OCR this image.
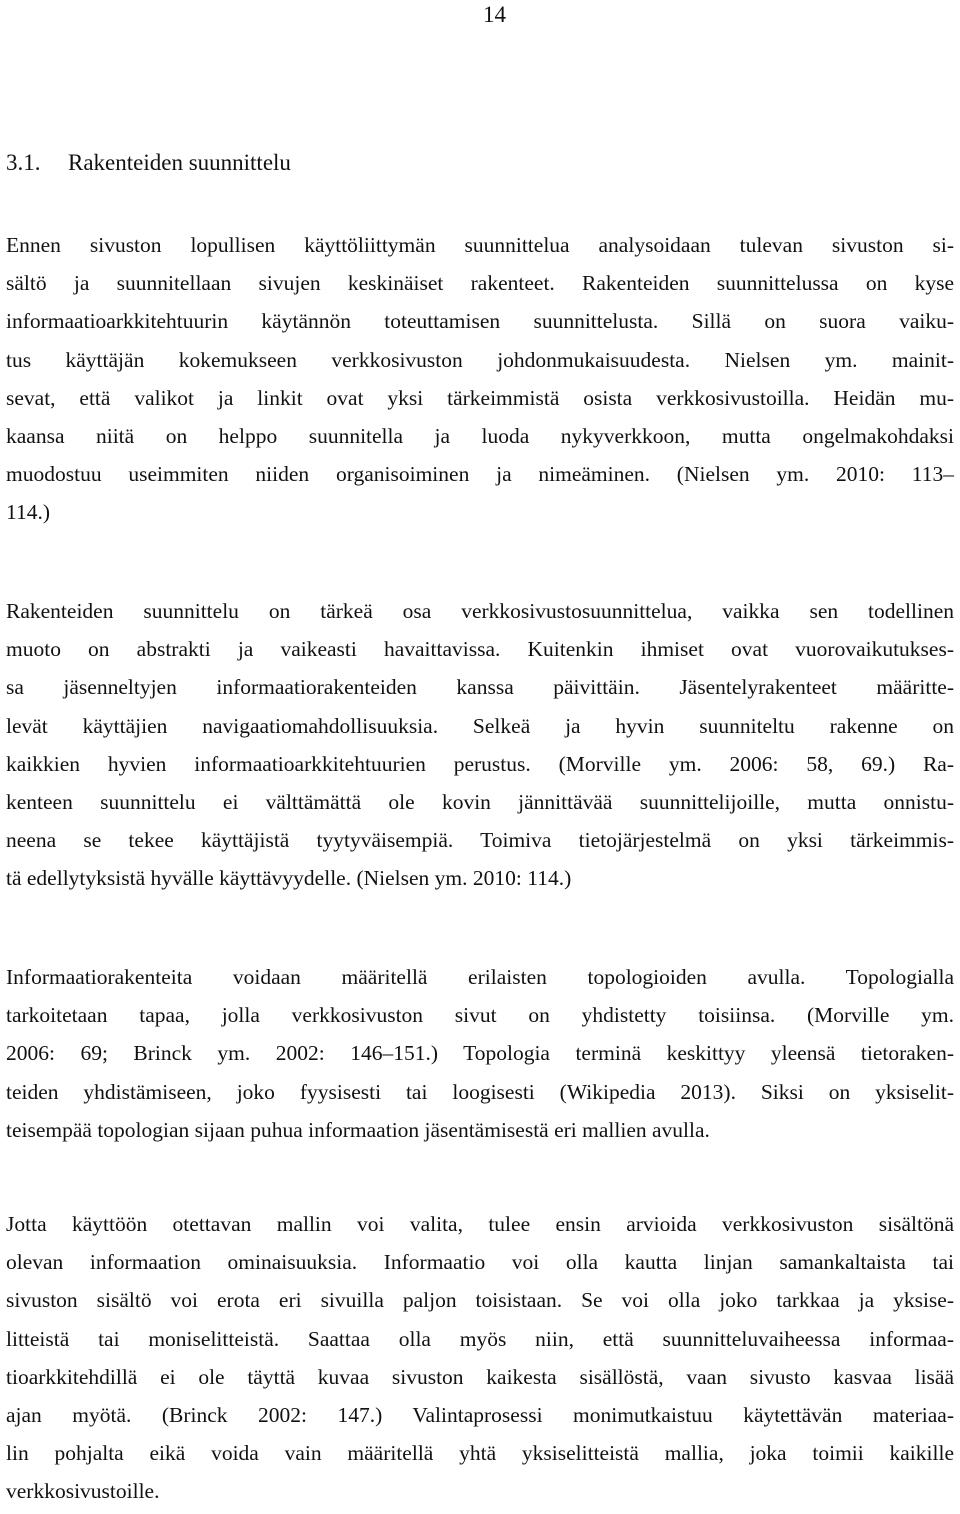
14
3.1. Rakenteiden suunnittelu
Ennen sivuston lopullisen käyttöliittymän suunnittelua analysoidaan tulevan sivuston si-
sältö ja suunnitellaan sivujen keskinäiset rakenteet. Rakenteiden suunnittelussa on kyse
informaatioarkkitehtuurin käytännön toteuttamisen suunnittelusta. Sillä on suora vaiku-
tus käyttäjän kokemukseen verkkosivuston johdonmukaisuudesta. Nielsen ym. mainit-
sevat, että valikot ja linkit ovat yksi tärkeimmistä osista verkkosivustoilla. Heidän mu-
kaansa niitä on helppo suunnitella ja luoda nykyverkkoon, mutta ongelmakohdaksi
muodostuu useimmiten niiden organisoiminen ja nimeäminen. (Nielsen ym. 2010: 113–
114.)
Rakenteiden suunnittelu on tärkeä osa verkkosivustosuunnittelua, vaikka sen todellinen
muoto on abstrakti ja vaikeasti havaittavissa. Kuitenkin ihmiset ovat vuorovaikutukses-
sa jäsenneltyjen informaatiorakenteiden kanssa päivittäin. Jäsentelyrakenteet määritte-
levät käyttäjien navigaatiomahdollisuuksia. Selkeä ja hyvin suunniteltu rakenne on
kaikkien hyvien informaatioarkkitehtuurien perustus. (Morville ym. 2006: 58, 69.) Ra-
kenteen suunnittelu ei välttämättä ole kovin jännittävää suunnittelijoille, mutta onnistu-
neena se tekee käyttäjistä tyytyväisempiä. Toimiva tietojärjestelmä on yksi tärkeimmis-
tä edellytyksistä hyvälle käyttävyydelle. (Nielsen ym. 2010: 114.)
Informaatiorakenteita voidaan määritellä erilaisten topologioiden avulla. Topologialla
tarkoitetaan tapaa, jolla verkkosivuston sivut on yhdistetty toisiinsa. (Morville ym.
2006: 69; Brinck ym. 2002: 146–151.) Topologia terminä keskittyy yleensä tietoraken-
teiden yhdistämiseen, joko fyysisesti tai loogisesti (Wikipedia 2013). Siksi on yksiselit-
teisempää topologian sijaan puhua informaation jäsentämisestä eri mallien avulla.
Jotta käyttöön otettavan mallin voi valita, tulee ensin arvioida verkkosivuston sisältönä
olevan informaation ominaisuuksia. Informaatio voi olla kautta linjan samankaltaista tai
sivuston sisältö voi erota eri sivuilla paljon toisistaan. Se voi olla joko tarkkaa ja yksise-
litteistä tai moniselitteistä. Saattaa olla myös niin, että suunnitteluvaiheessa informaa-
tioarkkitehdillä ei ole täyttä kuvaa sivuston kaikesta sisällöstä, vaan sivusto kasvaa lisää
ajan myötä. (Brinck 2002: 147.) Valintaprosessi monimutkaistuu käytettävän materiaa-
lin pohjalta eikä voida vain määritellä yhtä yksiselitteistä mallia, joka toimii kaikille
verkkosivustoille.
